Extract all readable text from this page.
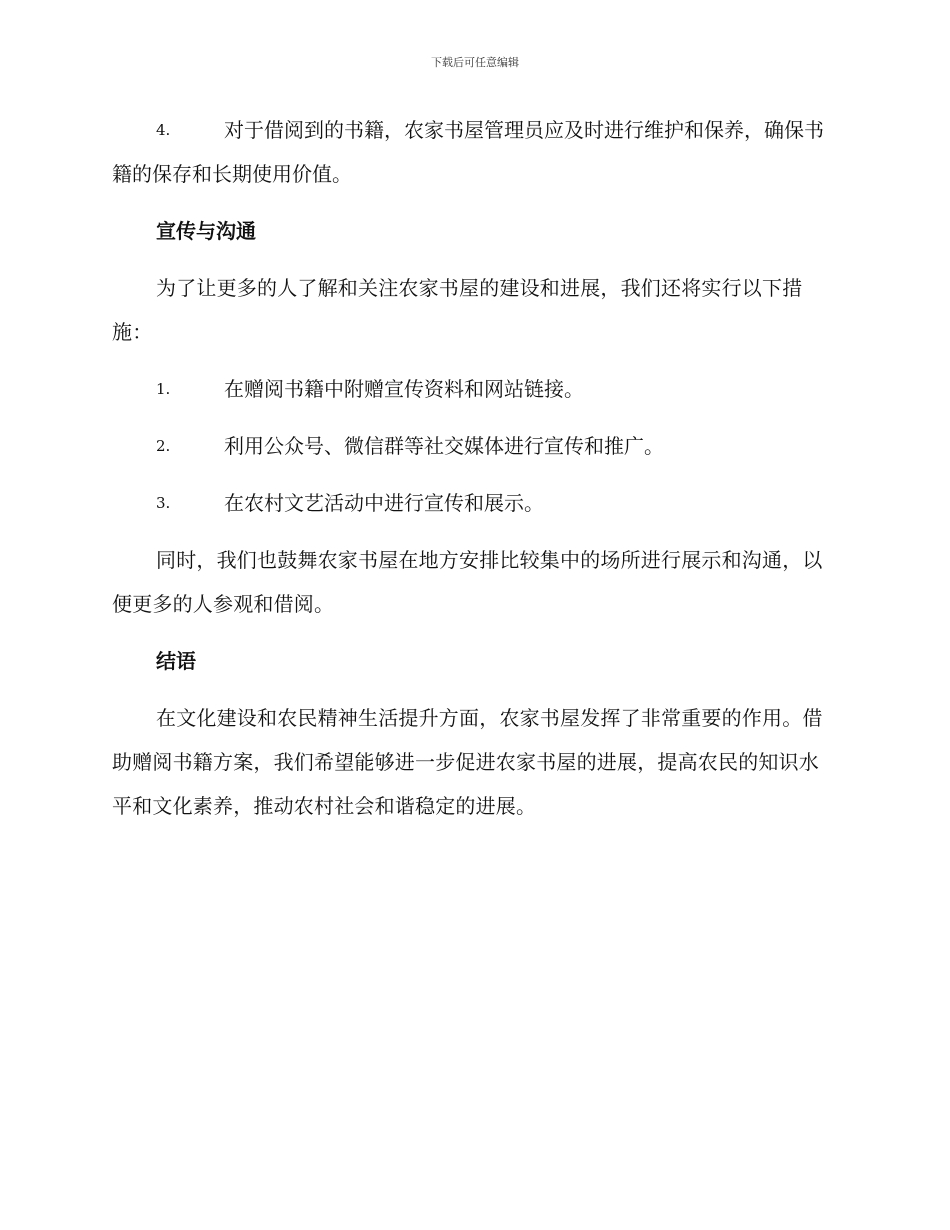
下载后可任意编辑
4.	对于借阅到的书籍，农家书屋管理员应及时进行维护和保养，确保书籍的保存和长期使用价值。
宣传与沟通

为了让更多的人了解和关注农家书屋的建设和进展，我们还将实行以下措施：

1.	在赠阅书籍中附赠宣传资料和网站链接。
2.	利用公众号、微信群等社交媒体进行宣传和推广。
3.	在农村文艺活动中进行宣传和展示。

同时，我们也鼓舞农家书屋在地方安排比较集中的场所进行展示和沟通，以便更多的人参观和借阅。

结语

在文化建设和农民精神生活提升方面，农家书屋发挥了非常重要的作用。借助赠阅书籍方案，我们希望能够进一步促进农家书屋的进展，提高农民的知识水平和文化素养，推动农村社会和谐稳定的进展。
